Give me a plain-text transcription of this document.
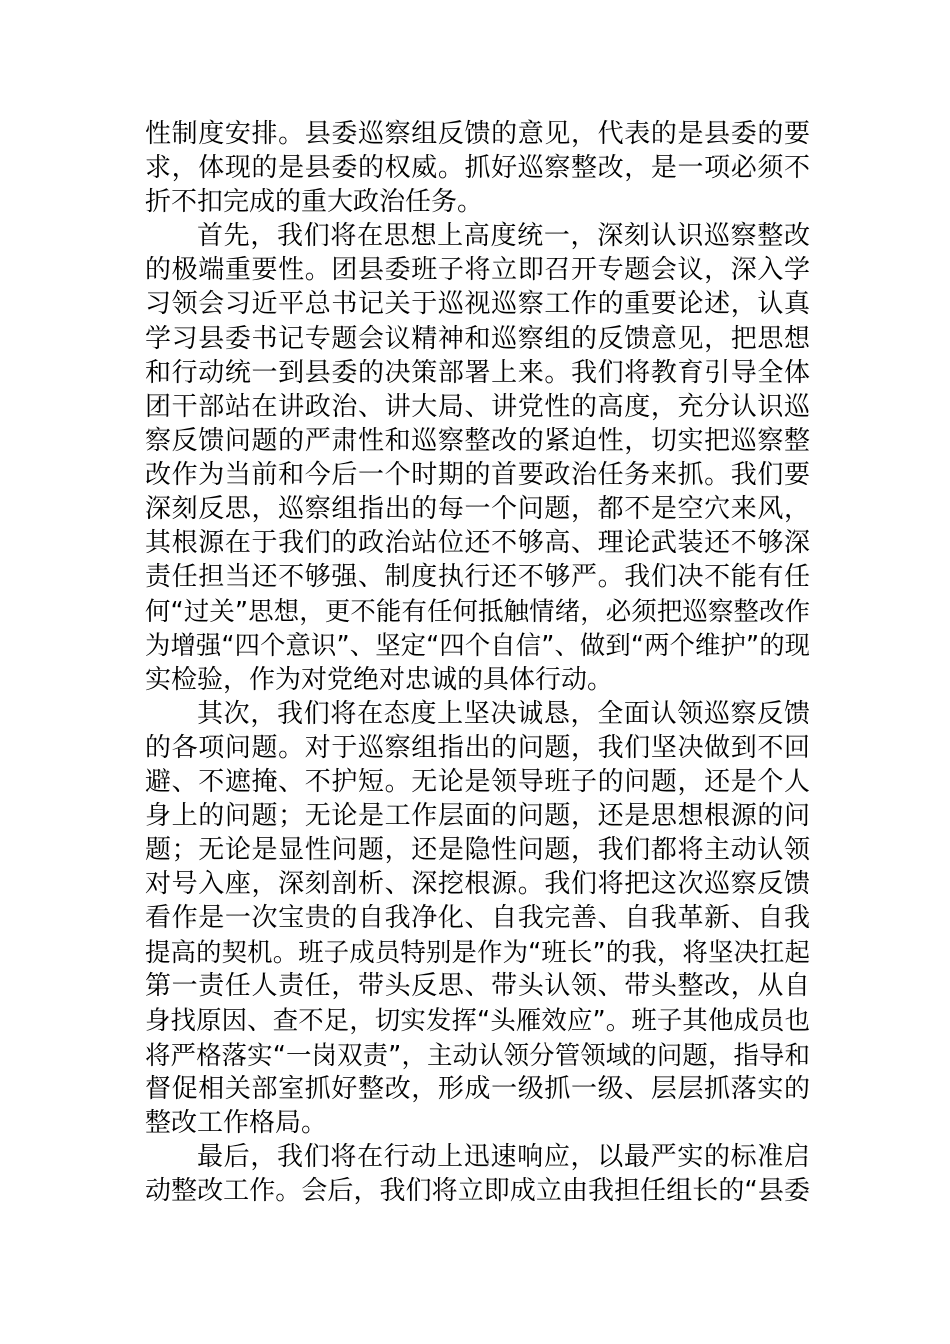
性制度安排。县委巡察组反馈的意见，代表的是县委的要
求，体现的是县委的权威。抓好巡察整改，是一项必须不
折不扣完成的重大政治任务。
首先，我们将在思想上高度统一，深刻认识巡察整改
的极端重要性。团县委班子将立即召开专题会议，深入学
习领会习近平总书记关于巡视巡察工作的重要论述，认真
学习县委书记专题会议精神和巡察组的反馈意见，把思想
和行动统一到县委的决策部署上来。我们将教育引导全体
团干部站在讲政治、讲大局、讲党性的高度，充分认识巡
察反馈问题的严肃性和巡察整改的紧迫性，切实把巡察整
改作为当前和今后一个时期的首要政治任务来抓。我们要
深刻反思，巡察组指出的每一个问题，都不是空穴来风，
其根源在于我们的政治站位还不够高、理论武装还不够深
责任担当还不够强、制度执行还不够严。我们决不能有任
何“过关”思想，更不能有任何抵触情绪，必须把巡察整改作
为增强“四个意识”、坚定“四个自信”、做到“两个维护”的现
实检验，作为对党绝对忠诚的具体行动。
其次，我们将在态度上坚决诚恳，全面认领巡察反馈
的各项问题。对于巡察组指出的问题，我们坚决做到不回
避、不遮掩、不护短。无论是领导班子的问题，还是个人
身上的问题；无论是工作层面的问题，还是思想根源的问
题；无论是显性问题，还是隐性问题，我们都将主动认领
对号入座，深刻剖析、深挖根源。我们将把这次巡察反馈
看作是一次宝贵的自我净化、自我完善、自我革新、自我
提高的契机。班子成员特别是作为“班长”的我，将坚决扛起
第一责任人责任，带头反思、带头认领、带头整改，从自
身找原因、查不足，切实发挥“头雁效应”。班子其他成员也
将严格落实“一岗双责”，主动认领分管领域的问题，指导和
督促相关部室抓好整改，形成一级抓一级、层层抓落实的
整改工作格局。
最后，我们将在行动上迅速响应，以最严实的标准启
动整改工作。会后，我们将立即成立由我担任组长的“县委
